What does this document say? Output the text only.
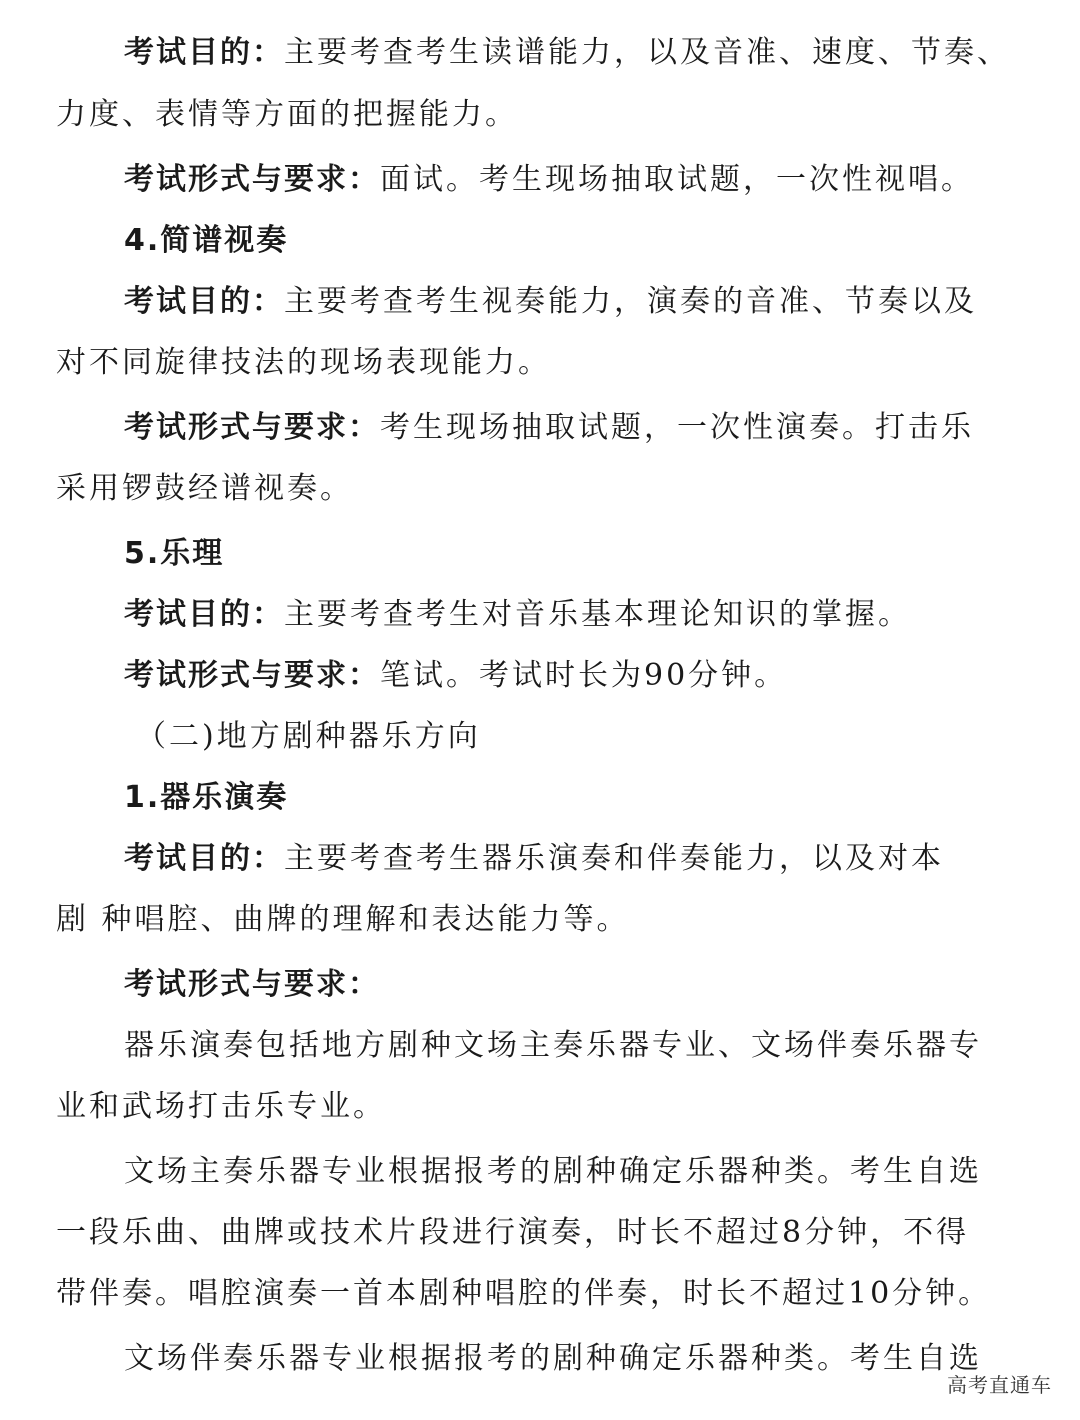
考试目的：主要考查考生读谱能力，以及音准、速度、节奏、
力度、表情等方面的把握能力。
考试形式与要求：面试。考生现场抽取试题，一次性视唱。
4.简谱视奏
考试目的：主要考查考生视奏能力，演奏的音准、节奏以及
对不同旋律技法的现场表现能力。
考试形式与要求：考生现场抽取试题，一次性演奏。打击乐
采用锣鼓经谱视奏。
5.乐理
考试目的：主要考查考生对音乐基本理论知识的掌握。
考试形式与要求：笔试。考试时长为90分钟。
（二)地方剧种器乐方向
1.器乐演奏
考试目的：主要考查考生器乐演奏和伴奏能力，以及对本
剧 种唱腔、曲牌的理解和表达能力等。
考试形式与要求：
器乐演奏包括地方剧种文场主奏乐器专业、文场伴奏乐器专
业和武场打击乐专业。
文场主奏乐器专业根据报考的剧种确定乐器种类。考生自选
一段乐曲、曲牌或技术片段进行演奏，时长不超过8分钟，不得
带伴奏。唱腔演奏一首本剧种唱腔的伴奏，时长不超过10分钟。
文场伴奏乐器专业根据报考的剧种确定乐器种类。考生自选
高考直通车
